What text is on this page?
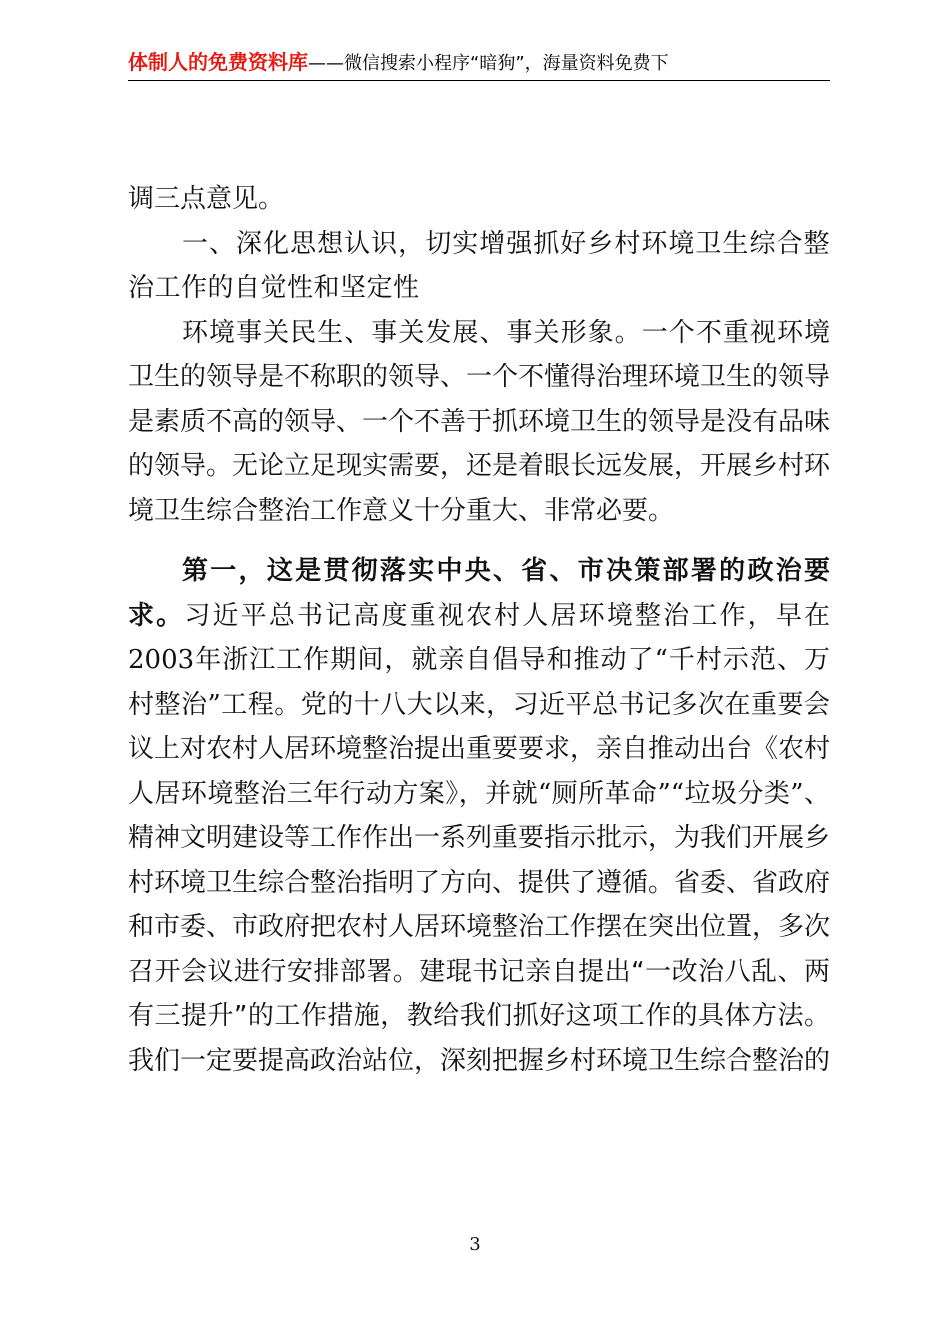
体制人的免费资料库——微信搜索小程序“暗狗”，海量资料免费下

调三点意见。

一、深化思想认识，切实增强抓好乡村环境卫生综合整治工作的自觉性和坚定性

环境事关民生、事关发展、事关形象。一个不重视环境卫生的领导是不称职的领导、一个不懂得治理环境卫生的领导是素质不高的领导、一个不善于抓环境卫生的领导是没有品味的领导。无论立足现实需要，还是着眼长远发展，开展乡村环境卫生综合整治工作意义十分重大、非常必要。

第一，这是贯彻落实中央、省、市决策部署的政治要求。习近平总书记高度重视农村人居环境整治工作，早在2003年浙江工作期间，就亲自倡导和推动了“千村示范、万村整治”工程。党的十八大以来，习近平总书记多次在重要会议上对农村人居环境整治提出重要要求，亲自推动出台《农村人居环境整治三年行动方案》，并就“厕所革命”“垃圾分类”、精神文明建设等工作作出一系列重要指示批示，为我们开展乡村环境卫生综合整治指明了方向、提供了遵循。省委、省政府和市委、市政府把农村人居环境整治工作摆在突出位置，多次召开会议进行安排部署。建琨书记亲自提出“一改治八乱、两有三提升”的工作措施，教给我们抓好这项工作的具体方法。我们一定要提高政治站位，深刻把握乡村环境卫生综合整治的

3
